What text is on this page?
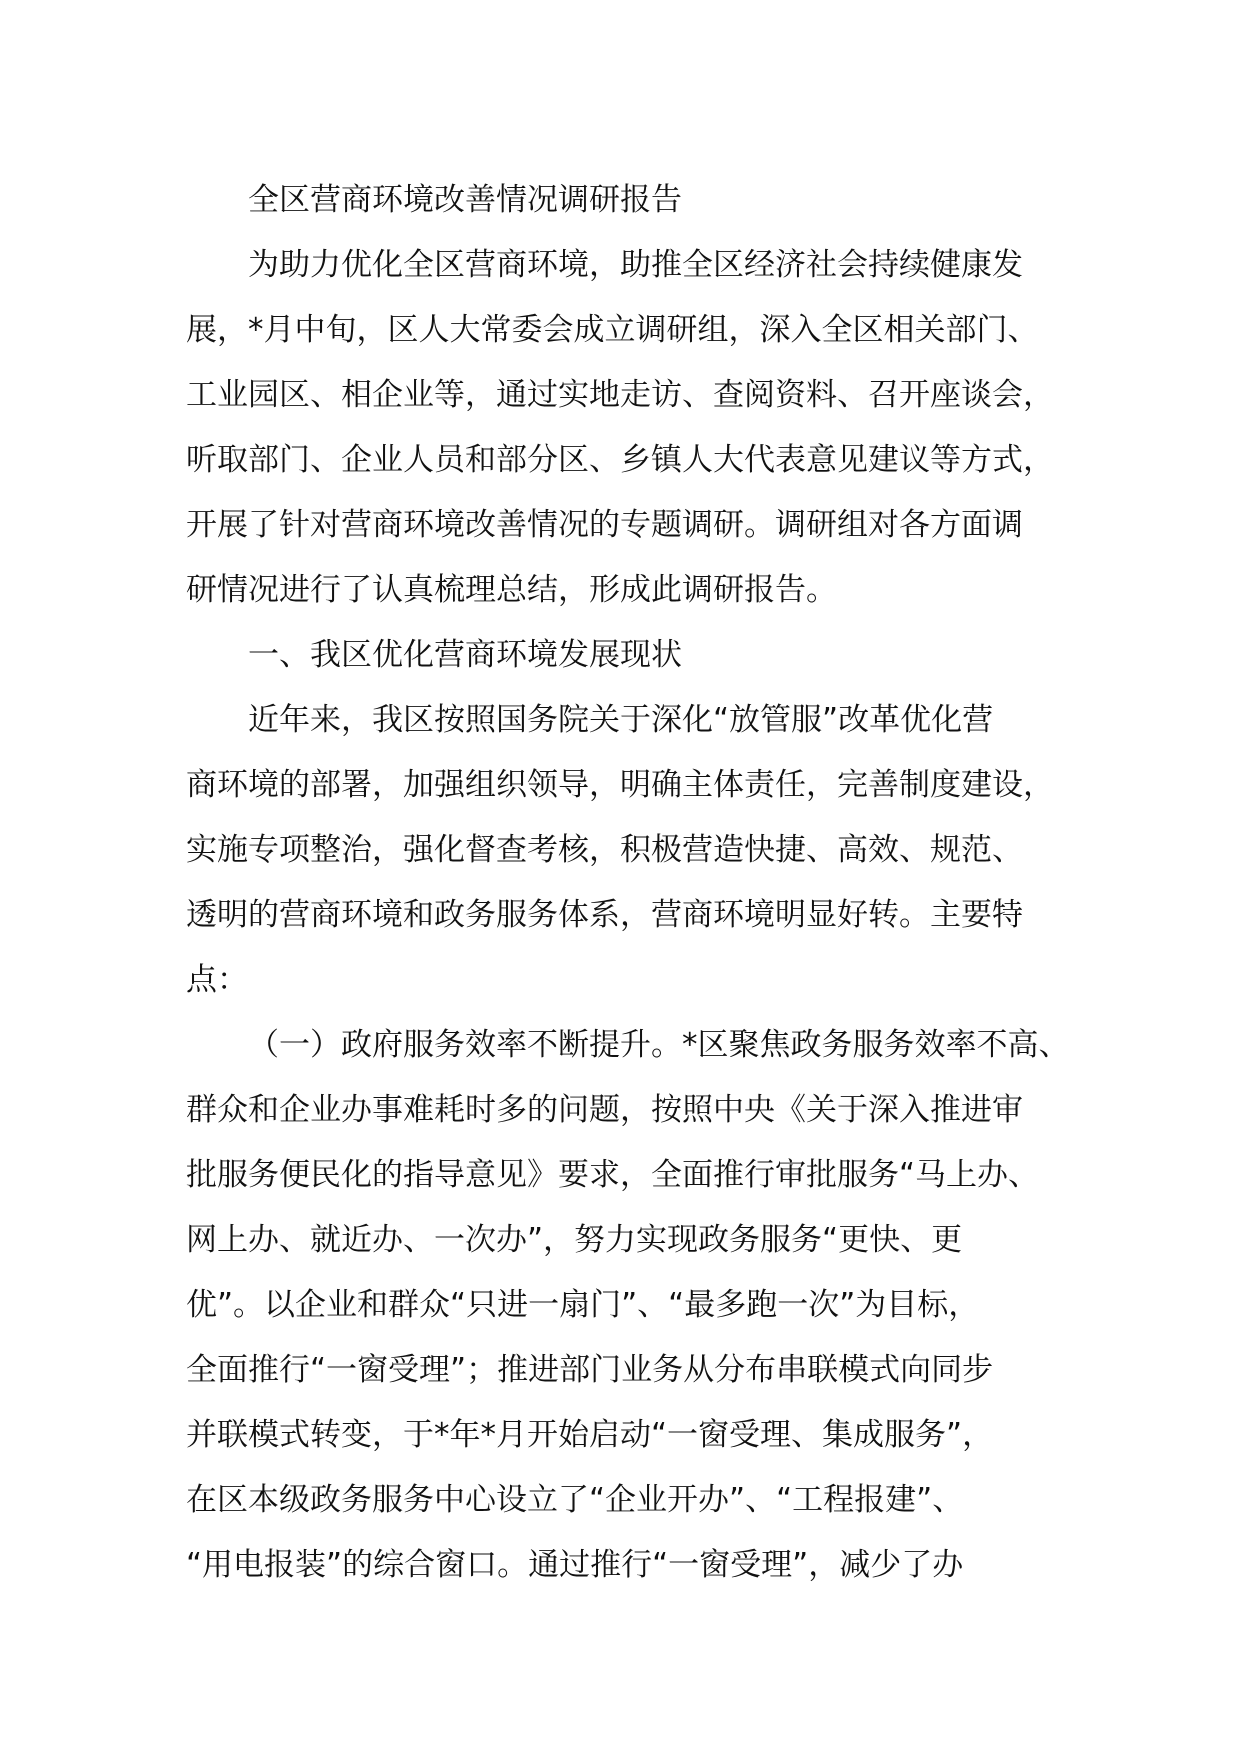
全区营商环境改善情况调研报告
为助力优化全区营商环境，助推全区经济社会持续健康发
展，*月中旬，区人大常委会成立调研组，深入全区相关部门、
工业园区、相企业等，通过实地走访、查阅资料、召开座谈会，
听取部门、企业人员和部分区、乡镇人大代表意见建议等方式，
开展了针对营商环境改善情况的专题调研。调研组对各方面调
研情况进行了认真梳理总结，形成此调研报告。
一、我区优化营商环境发展现状
近年来，我区按照国务院关于深化“放管服”改革优化营
商环境的部署，加强组织领导，明确主体责任，完善制度建设，
实施专项整治，强化督查考核，积极营造快捷、高效、规范、
透明的营商环境和政务服务体系，营商环境明显好转。主要特
点：
（一）政府服务效率不断提升。*区聚焦政务服务效率不高、
群众和企业办事难耗时多的问题，按照中央《关于深入推进审
批服务便民化的指导意见》要求，全面推行审批服务“马上办、
网上办、就近办、一次办”，努力实现政务服务“更快、更
优”。以企业和群众“只进一扇门”、“最多跑一次”为目标，
全面推行“一窗受理”；推进部门业务从分布串联模式向同步
并联模式转变，于*年*月开始启动“一窗受理、集成服务”，
在区本级政务服务中心设立了“企业开办”、“工程报建”、
“用电报装”的综合窗口。通过推行“一窗受理”，减少了办
